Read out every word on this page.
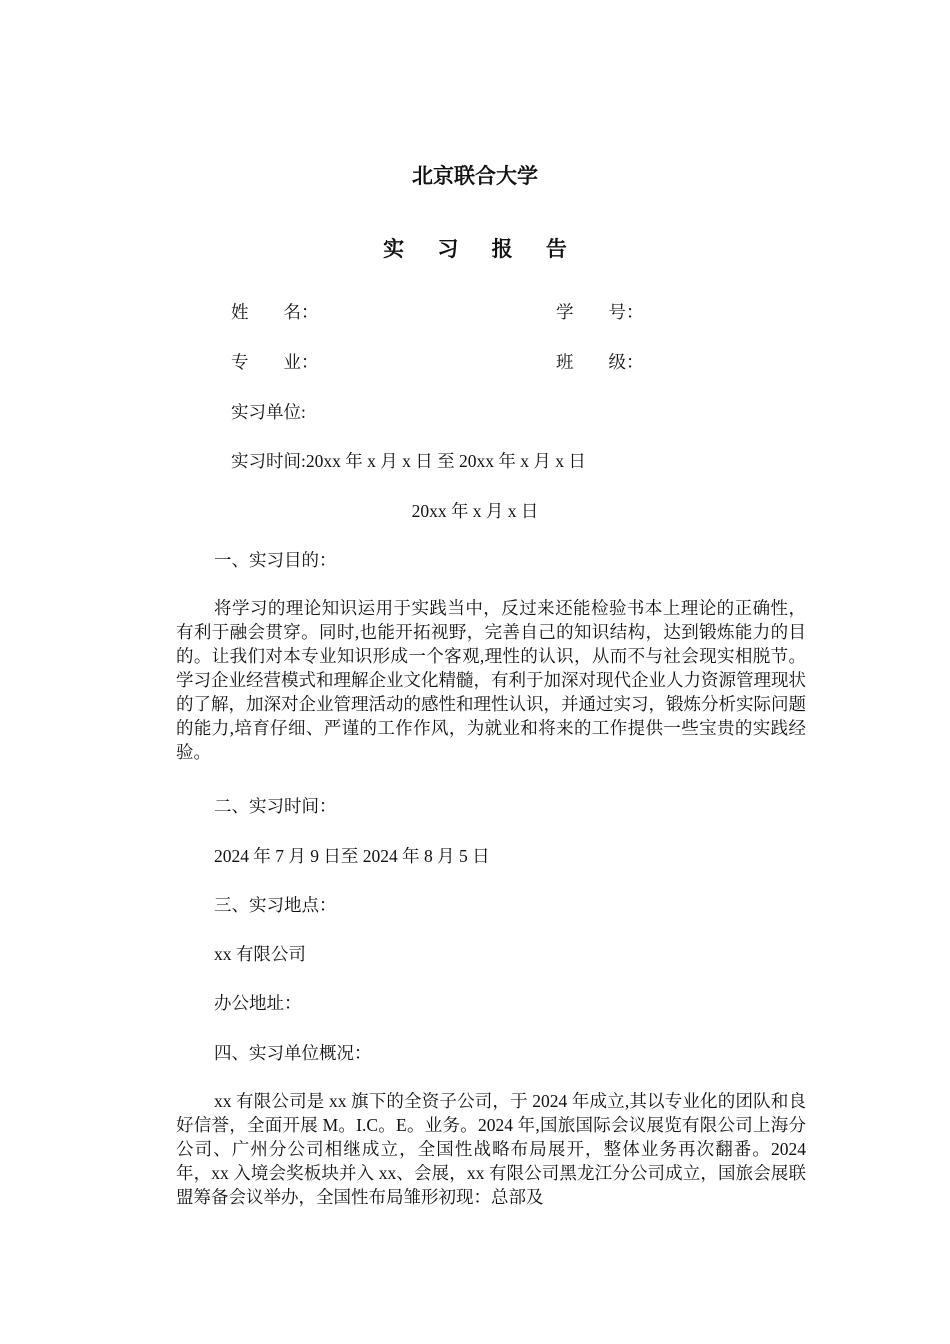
北京联合大学
实 习 报 告
姓　　名：	学　　号：
专　　业：	班　　级：
实习单位:
实习时间:20xx 年 x 月 x 日 至 20xx 年 x 月 x 日
20xx 年 x 月 x 日
一、实习目的：
将学习的理论知识运用于实践当中，反过来还能检验书本上理论的正确性，有利于融会贯穿。同时,也能开拓视野，完善自己的知识结构，达到锻炼能力的目的。让我们对本专业知识形成一个客观,理性的认识，从而不与社会现实相脱节。学习企业经营模式和理解企业文化精髓，有利于加深对现代企业人力资源管理现状的了解，加深对企业管理活动的感性和理性认识，并通过实习，锻炼分析实际问题的能力,培育仔细、严谨的工作作风，为就业和将来的工作提供一些宝贵的实践经验。
二、实习时间：
2024 年 7 月 9 日至 2024 年 8 月 5 日
三、实习地点：
xx 有限公司
办公地址：
四、实习单位概况：
xx 有限公司是 xx 旗下的全资子公司，于 2024 年成立,其以专业化的团队和良好信誉，全面开展 M。I.C。E。业务。2024 年,国旅国际会议展览有限公司上海分公司、广州分公司相继成立，全国性战略布局展开，整体业务再次翻番。2024 年，xx 入境会奖板块并入 xx、会展，xx 有限公司黑龙江分公司成立，国旅会展联盟筹备会议举办，全国性布局雏形初现：总部及
